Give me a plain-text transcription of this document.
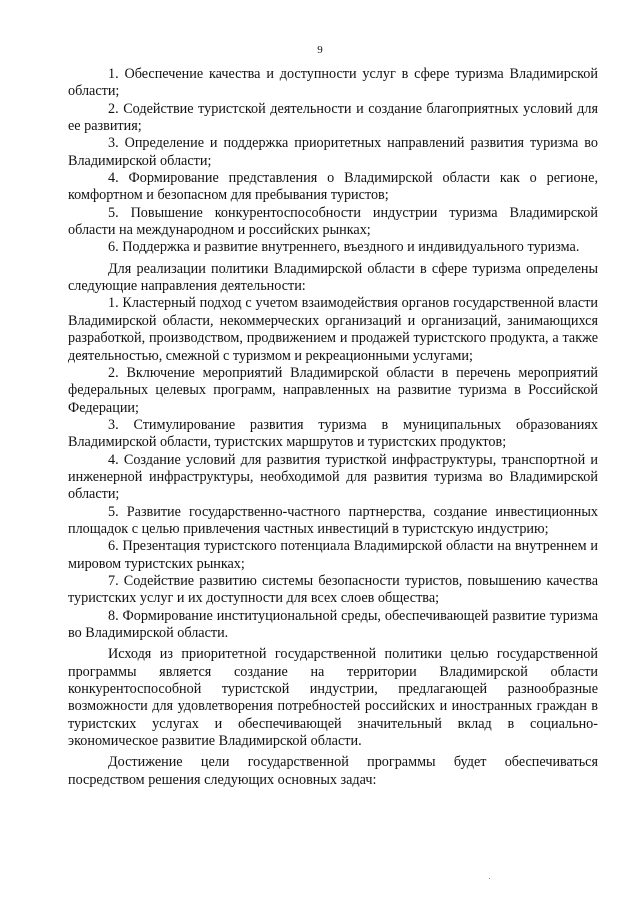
9

1. Обеспечение качества и доступности услуг в сфере туризма Владимирской области;

2. Содействие туристской деятельности и создание благоприятных условий для ее развития;

3. Определение и поддержка приоритетных направлений развития туризма во Владимирской области;

4. Формирование представления о Владимирской области как о регионе, комфортном и безопасном для пребывания туристов;

5. Повышение конкурентоспособности индустрии туризма Владимирской области на международном и российских рынках;

6. Поддержка и развитие внутреннего, въездного и индивидуального туризма.

Для реализации политики Владимирской области в сфере туризма определены следующие направления деятельности:

1. Кластерный подход с учетом взаимодействия органов государственной власти Владимирской области, некоммерческих организаций и организаций, занимающихся разработкой, производством, продвижением и продажей туристского продукта, а также деятельностью, смежной с туризмом и рекреационными услугами;

2. Включение мероприятий Владимирской области в перечень мероприятий федеральных целевых программ, направленных на развитие туризма в Российской Федерации;

3. Стимулирование развития туризма в муниципальных образованиях Владимирской области, туристских маршрутов и туристских продуктов;

4. Создание условий для развития туристкой инфраструктуры, транспортной и инженерной инфраструктуры, необходимой для развития туризма во Владимирской области;

5. Развитие государственно-частного партнерства, создание инвестиционных площадок с целью привлечения частных инвестиций в туристскую индустрию;

6. Презентация туристского потенциала Владимирской области на внутреннем и мировом туристских рынках;

7. Содействие развитию системы безопасности туристов, повышению качества туристских услуг и их доступности для всех слоев общества;

8. Формирование институциональной среды, обеспечивающей развитие туризма во Владимирской области.

Исходя из приоритетной государственной политики целью государственной программы является создание на территории Владимирской области конкурентоспособной туристской индустрии, предлагающей разнообразные возможности для удовлетворения потребностей российских и иностранных граждан в туристских услугах и обеспечивающей значительный вклад в социально-экономическое развитие Владимирской области.

Достижение цели государственной программы будет обеспечиваться посредством решения следующих основных задач:
